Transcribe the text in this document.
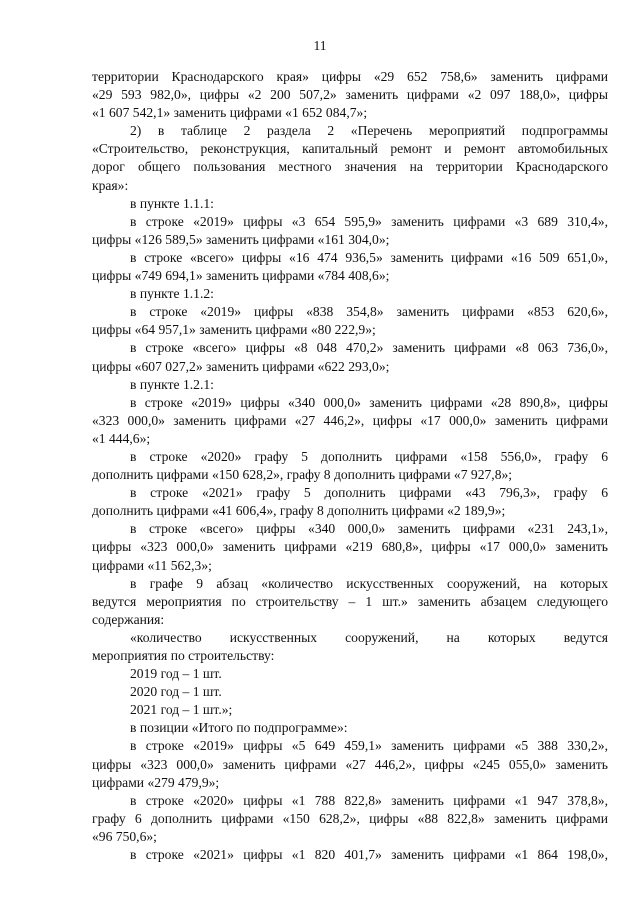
11
территории Краснодарского края» цифры «29 652 758,6» заменить цифрами
«29 593 982,0», цифры «2 200 507,2» заменить цифрами «2 097 188,0», цифры
«1 607 542,1» заменить цифрами «1 652 084,7»;
2) в таблице 2 раздела 2 «Перечень мероприятий подпрограммы
«Строительство, реконструкция, капитальный ремонт и ремонт автомобильных
дорог общего пользования местного значения на территории Краснодарского
края»:
в пункте 1.1.1:
в строке «2019» цифры «3 654 595,9» заменить цифрами «3 689 310,4»,
цифры «126 589,5» заменить цифрами «161 304,0»;
в строке «всего» цифры «16 474 936,5» заменить цифрами «16 509 651,0»,
цифры «749 694,1» заменить цифрами «784 408,6»;
в пункте 1.1.2:
в строке «2019» цифры «838 354,8» заменить цифрами «853 620,6»,
цифры «64 957,1» заменить цифрами «80 222,9»;
в строке «всего» цифры «8 048 470,2» заменить цифрами «8 063 736,0»,
цифры «607 027,2» заменить цифрами «622 293,0»;
в пункте 1.2.1:
в строке «2019» цифры «340 000,0» заменить цифрами «28 890,8», цифры
«323 000,0» заменить цифрами «27 446,2», цифры «17 000,0» заменить цифрами
«1 444,6»;
в строке «2020» графу 5 дополнить цифрами «158 556,0», графу 6
дополнить цифрами «150 628,2», графу 8 дополнить цифрами «7 927,8»;
в строке «2021» графу 5 дополнить цифрами «43 796,3», графу 6
дополнить цифрами «41 606,4», графу 8 дополнить цифрами «2 189,9»;
в строке «всего» цифры «340 000,0» заменить цифрами «231 243,1»,
цифры «323 000,0» заменить цифрами «219 680,8», цифры «17 000,0» заменить
цифрами «11 562,3»;
в графе 9 абзац «количество искусственных сооружений, на которых
ведутся мероприятия по строительству – 1 шт.» заменить абзацем следующего
содержания:
«количество искусственных сооружений, на которых ведутся
мероприятия по строительству:
2019 год – 1 шт.
2020 год – 1 шт.
2021 год – 1 шт.»;
в позиции «Итого по подпрограмме»:
в строке «2019» цифры «5 649 459,1» заменить цифрами «5 388 330,2»,
цифры «323 000,0» заменить цифрами «27 446,2», цифры «245 055,0» заменить
цифрами «279 479,9»;
в строке «2020» цифры «1 788 822,8» заменить цифрами «1 947 378,8»,
графу 6 дополнить цифрами «150 628,2», цифры «88 822,8» заменить цифрами
«96 750,6»;
в строке «2021» цифры «1 820 401,7» заменить цифрами «1 864 198,0»,
